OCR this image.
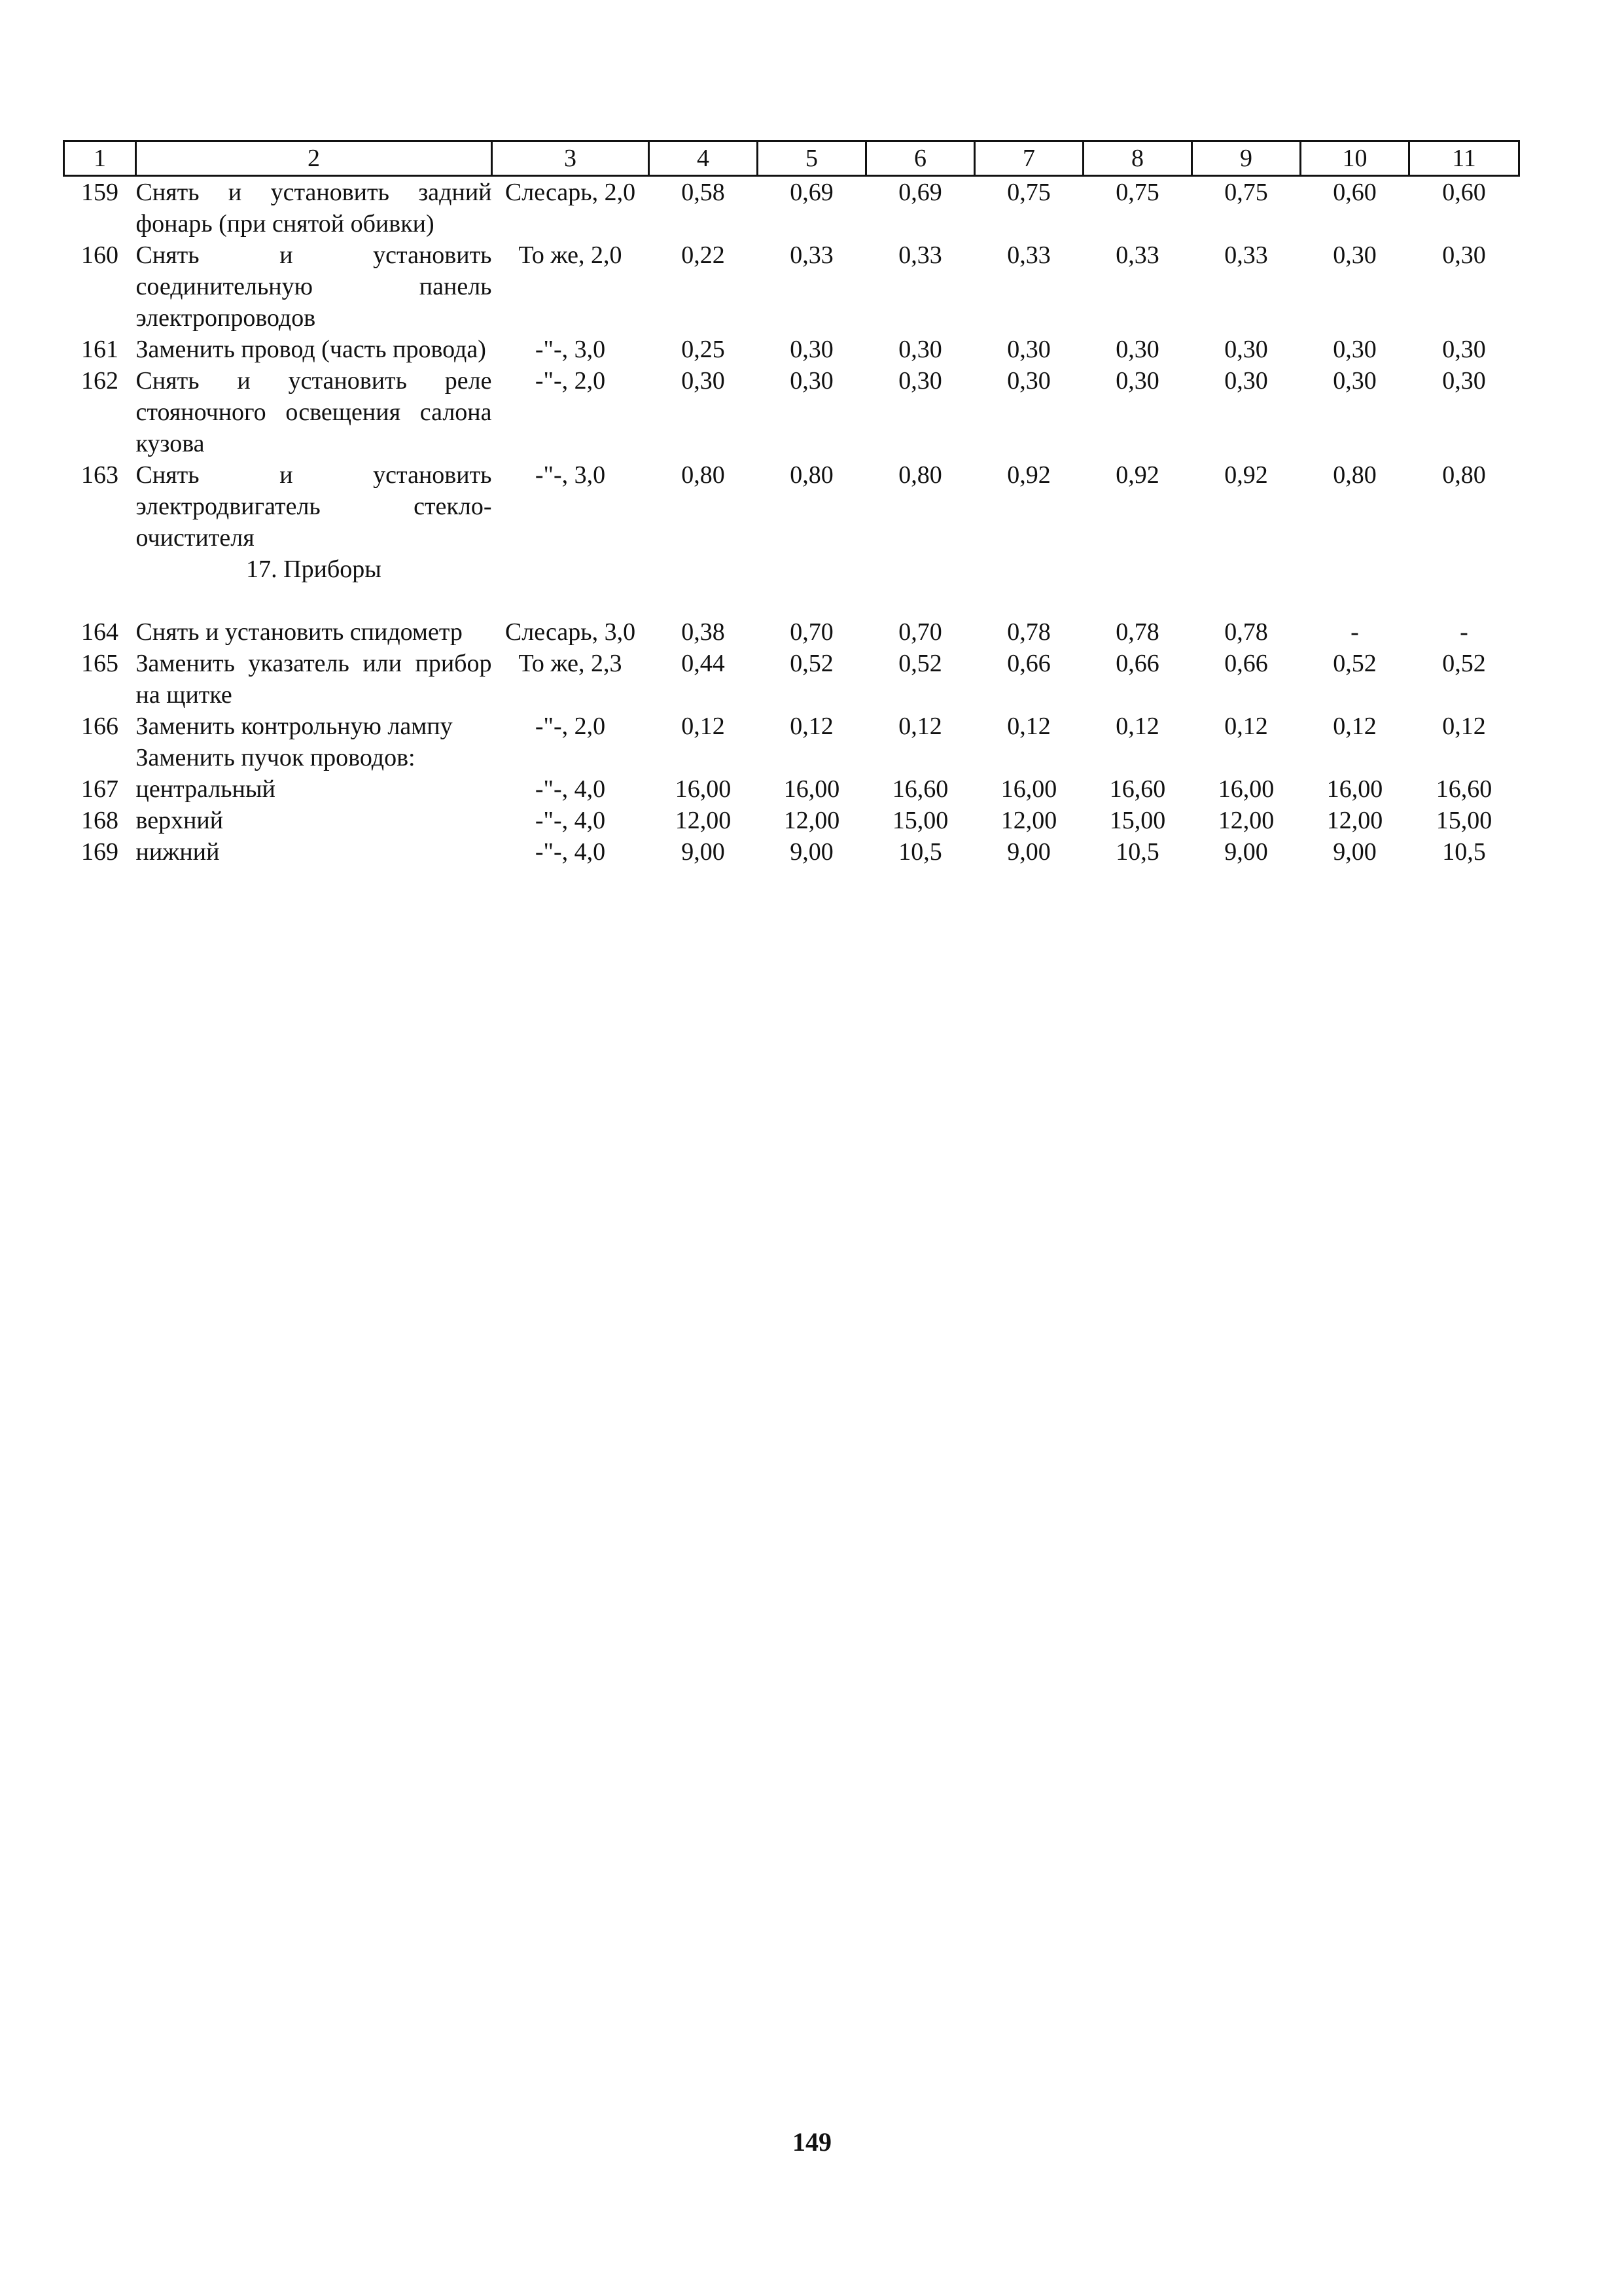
1	2	3	4	5	6	7	8	9	10	11
159	Снять и установить задний фонарь (при снятой обивки)	Слесарь, 2,0	0,58	0,69	0,69	0,75	0,75	0,75	0,60	0,60
160	Снять и установить соединительную панель электропроводов	То же, 2,0	0,22	0,33	0,33	0,33	0,33	0,33	0,30	0,30
161	Заменить провод (часть провода)	-"-, 3,0	0,25	0,30	0,30	0,30	0,30	0,30	0,30	0,30
162	Снять и установить реле стояночного освещения салона кузова	-"-, 2,0	0,30	0,30	0,30	0,30	0,30	0,30	0,30	0,30
163	Снять и установить электродвигатель стекло-очистителя	-"-, 3,0	0,80	0,80	0,80	0,92	0,92	0,92	0,80	0,80
	17. Приборы									

164	Снять и установить спидометр	Слесарь, 3,0	0,38	0,70	0,70	0,78	0,78	0,78	-	-
165	Заменить указатель или прибор на щитке	То же, 2,3	0,44	0,52	0,52	0,66	0,66	0,66	0,52	0,52
166	Заменить контрольную лампу	-"-, 2,0	0,12	0,12	0,12	0,12	0,12	0,12	0,12	0,12
	Заменить пучок проводов:									
167	центральный	-"-, 4,0	16,00	16,00	16,60	16,00	16,60	16,00	16,00	16,60
168	верхний	-"-, 4,0	12,00	12,00	15,00	12,00	15,00	12,00	12,00	15,00
169	нижний	-"-, 4,0	9,00	9,00	10,5	9,00	10,5	9,00	9,00	10,5
149
